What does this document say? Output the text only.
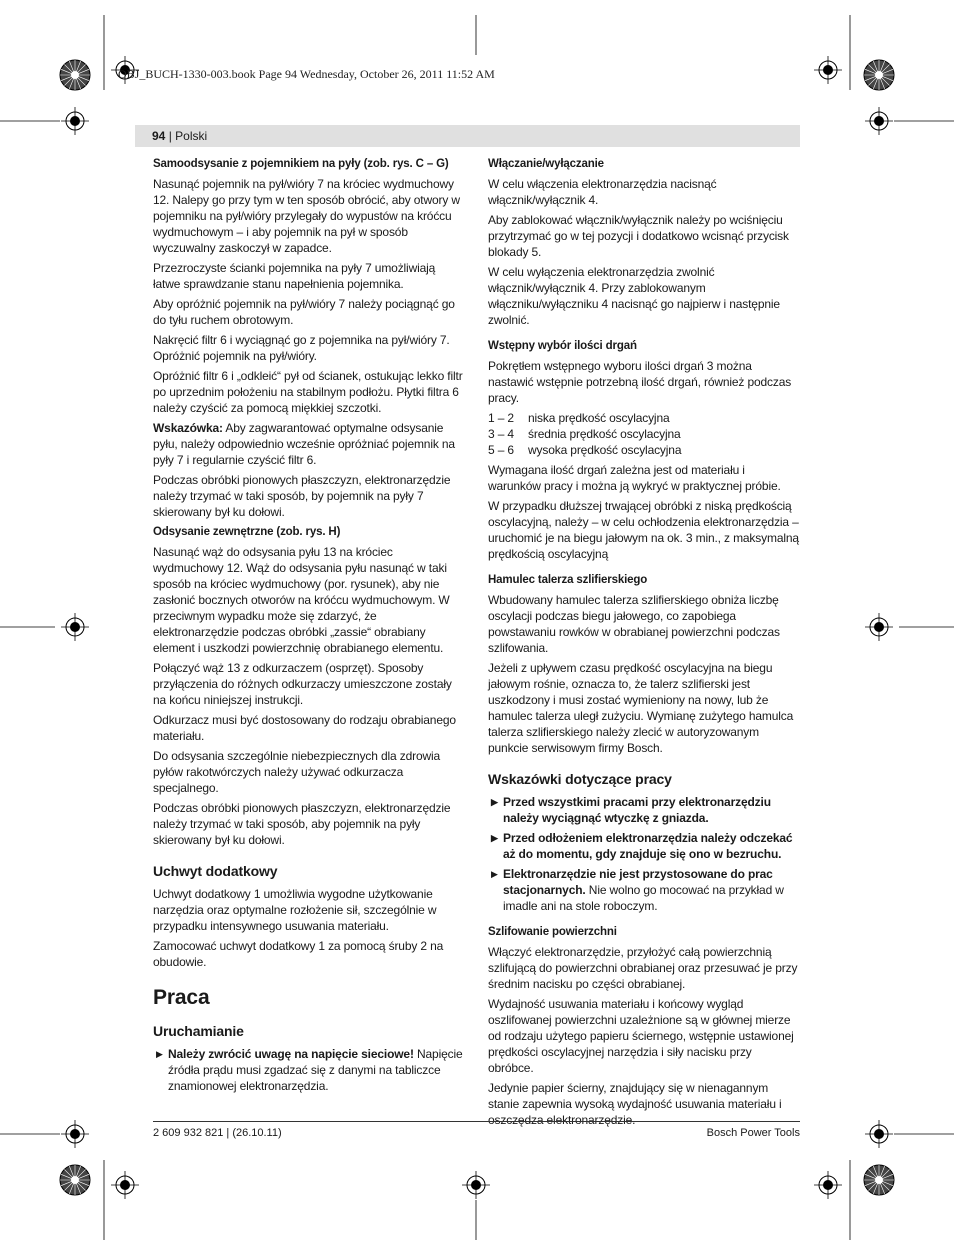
OBJ_BUCH-1330-003.book Page 94 Wednesday, October 26, 2011 11:52 AM
94 | Polski
Samoodsysanie z pojemnikiem na pyły (zob. rys. C – G)

Nasunąć pojemnik na pył/wióry 7 na króciec wydmuchowy 12. Nalepy go przy tym w ten sposób obrócić, aby otwory w pojemniku na pył/wióry przylegały do wypustów na króćcu wydmuchowym – i aby pojemnik na pył w sposób wyczuwalny zaskoczył w zapadce.

Przezroczyste ścianki pojemnika na pyły 7 umożliwiają łatwe sprawdzanie stanu napełnienia pojemnika.

Aby opróżnić pojemnik na pył/wióry 7 należy pociągnąć go do tyłu ruchem obrotowym.

Nakręcić filtr 6 i wyciągnąć go z pojemnika na pył/wióry 7. Opróżnić pojemnik na pył/wióry.

Opróżnić filtr 6 i „odkleić“ pył od ścianek, ostukując lekko filtr po uprzednim położeniu na stabilnym podłożu. Płytki filtra 6 należy czyścić za pomocą miękkiej szczotki.

Wskazówka: Aby zagwarantować optymalne odsysanie pyłu, należy odpowiednio wcześnie opróżniać pojemnik na pyły 7 i regularnie czyścić filtr 6.

Podczas obróbki pionowych płaszczyzn, elektronarzędzie należy trzymać w taki sposób, by pojemnik na pyły 7 skierowany był ku dołowi.

Odsysanie zewnętrzne (zob. rys. H)

Nasunąć wąż do odsysania pyłu 13 na króciec wydmuchowy 12. Wąż do odsysania pyłu nasunąć w taki sposób na króciec wydmuchowy (por. rysunek), aby nie zasłonić bocznych otworów na króćcu wydmuchowym. W przeciwnym wypadku może się zdarzyć, że elektronarzędzie podczas obróbki „zassie“ obrabiany element i uszkodzi powierzchnię obrabianego elementu.

Połączyć wąż 13 z odkurzaczem (osprzęt). Sposoby przyłączenia do różnych odkurzaczy umieszczone zostały na końcu niniejszej instrukcji.

Odkurzacz musi być dostosowany do rodzaju obrabianego materiału.

Do odsysania szczególnie niebezpiecznych dla zdrowia pyłów rakotwórczych należy używać odkurzacza specjalnego.

Podczas obróbki pionowych płaszczyzn, elektronarzędzie należy trzymać w taki sposób, aby pojemnik na pyły skierowany był ku dołowi.

Uchwyt dodatkowy

Uchwyt dodatkowy 1 umożliwia wygodne użytkowanie narzędzia oraz optymalne rozłożenie sił, szczególnie w przypadku intensywnego usuwania materiału.

Zamocować uchwyt dodatkowy 1 za pomocą śruby 2 na obudowie.

Praca
Uruchamianie
▶ Należy zwrócić uwagę na napięcie sieciowe! Napięcie źródła prądu musi zgadzać się z danymi na tabliczce znamionowej elektronarzędzia.
Włączanie/wyłączanie

W celu włączenia elektronarzędzia nacisnąć włącznik/wyłącznik 4.

Aby zablokować włącznik/wyłącznik należy po wciśnięciu przytrzymać go w tej pozycji i dodatkowo wcisnąć przycisk blokady 5.

W celu wyłączenia elektronarzędzia zwolnić włącznik/wyłącznik 4. Przy zablokowanym włączniku/wyłączniku 4 nacisnąć go najpierw i następnie zwolnić.

Wstępny wybór ilości drgań

Pokrętłem wstępnego wyboru ilości drgań 3 można nastawić wstępnie potrzebną ilość drgań, również podczas pracy.

1 – 2	niska prędkość oscylacyjna
3 – 4	średnia prędkość oscylacyjna
5 – 6	wysoka prędkość oscylacyjna

Wymagana ilość drgań zależna jest od materiału i warunków pracy i można ją wykryć w praktycznej próbie.

W przypadku dłuższej trwającej obróbki z niską prędkością oscylacyjną, należy – w celu ochłodzenia elektronarzędzia – uruchomić je na biegu jałowym na ok. 3 min., z maksymalną prędkością oscylacyjną

Hamulec talerza szlifierskiego

Wbudowany hamulec talerza szlifierskiego obniża liczbę oscylacji podczas biegu jałowego, co zapobiega powstawaniu rowków w obrabianej powierzchni podczas szlifowania.

Jeżeli z upływem czasu prędkość oscylacyjna na biegu jałowym rośnie, oznacza to, że talerz szlifierski jest uszkodzony i musi zostać wymieniony na nowy, lub że hamulec talerza uległ zużyciu. Wymianę zużytego hamulca talerza szlifierskiego należy zlecić w autoryzowanym punkcie serwisowym firmy Bosch.

Wskazówki dotyczące pracy
▶ Przed wszystkimi pracami przy elektronarzędziu należy wyciągnąć wtyczkę z gniazda.
▶ Przed odłożeniem elektronarzędzia należy odczekać aż do momentu, gdy znajduje się ono w bezruchu.
▶ Elektronarzędzie nie jest przystosowane do prac stacjonarnych. Nie wolno go mocować na przykład w imadle ani na stole roboczym.
Szlifowanie powierzchni

Włączyć elektronarzędzie, przyłożyć całą powierzchnią szlifującą do powierzchni obrabianej oraz przesuwać je przy średnim nacisku po części obrabianej.

Wydajność usuwania materiału i końcowy wygląd oszlifowanej powierzchni uzależnione są w głównej mierze od rodzaju użytego papieru ściernego, wstępnie ustawionej prędkości oscylacyjnej narzędzia i siły nacisku przy obróbce.

Jedynie papier ścierny, znajdujący się w nienagannym stanie zapewnia wysoką wydajność usuwania materiału i oszczędza elektronarzędzie.

2 609 932 821 | (26.10.11)	Bosch Power Tools
